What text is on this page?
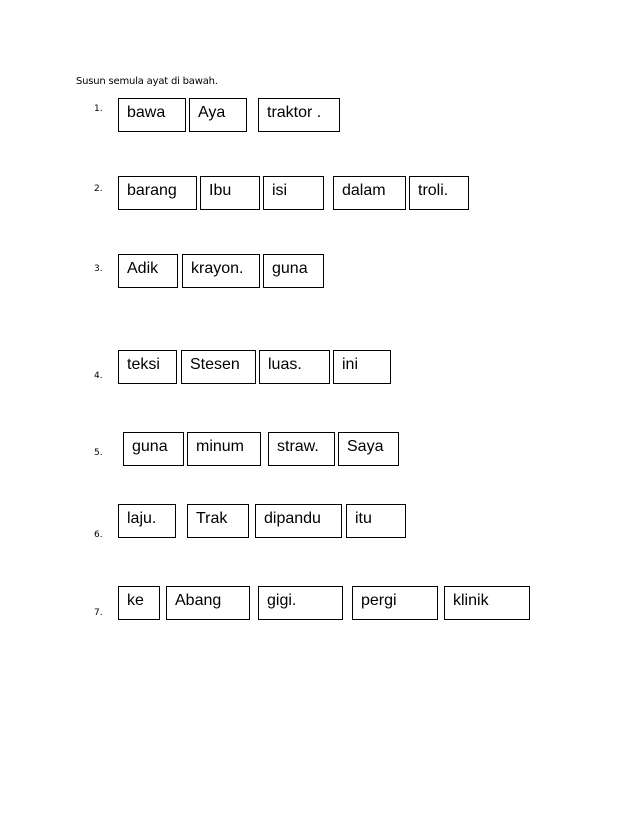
Susun semula ayat di bawah.
1.	bawa	Aya	traktor .
2.	barang	Ibu	isi	dalam	troli.
3.	Adik	krayon.	guna
4.
teksi	Stesen	luas.	ini
5.	guna	minum	straw.	Saya
6.
laju.	Trak	dipandu	itu
7.
ke	Abang	gigi.	pergi	klinik
